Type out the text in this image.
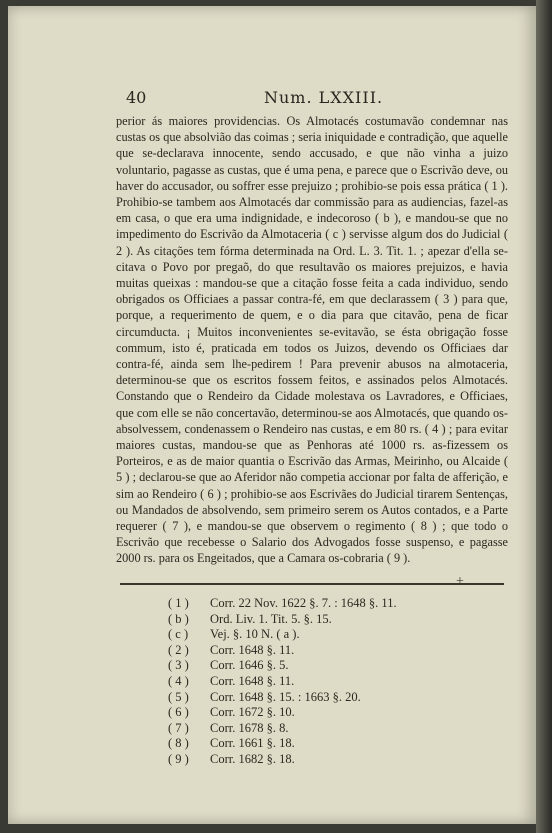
40	Num. LXXIII.

perior ás maiores providencias. Os Almotacés costumavão condemnar nas custas os que absolvião das coimas ; seria iniquidade e contradição, que aquelle que se-declarava innocente, sendo accusado, e que não vinha a juizo voluntario, pagasse as custas, que é uma pena, e parece que o Escrivão deve, ou haver do accusador, ou soffrer esse prejuizo ; prohibio-se pois essa prática ( 1 ). Prohibio-se tambem aos Almotacés dar commissão para as audiencias, fazel-as em casa, o que era uma indignidade, e indecoroso ( b ), e mandou-se que no impedimento do Escrivão da Almotaceria ( c ) servisse algum dos do Judicial ( 2 ). As citações tem fórma determinada na Ord. L. 3. Tit. 1. ; apezar d'ella se-citava o Povo por pregaõ, do que resultavão os maiores prejuizos, e havia muitas queixas : mandou-se que a citação fosse feita a cada individuo, sendo obrigados os Officiaes a passar contra-fé, em que declarassem ( 3 ) para que, porque, a requerimento de quem, e o dia para que citavão, pena de ficar circumducta. ¡ Muitos inconvenientes se-evitavão, se ésta obrigação fosse commum, isto é, praticada em todos os Juizos, devendo os Officiaes dar contra-fé, ainda sem lhe-pedirem ! Para prevenir abusos na almotaceria, determinou-se que os escritos fossem feitos, e assinados pelos Almotacés. Constando que o Rendeiro da Cidade molestava os Lavradores, e Officiaes, que com elle se não concertavão, determinou-se aos Almotacés, que quando os-absolvessem, condenassem o Rendeiro nas custas, e em 80 rs. ( 4 ) ; para evitar maiores custas, mandou-se que as Penhoras até 1000 rs. as-fizessem os Porteiros, e as de maior quantia o Escrivão das Armas, Meirinho, ou Alcaide ( 5 ) ; declarou-se que ao Aferidor não competia accionar por falta de afferição, e sim ao Rendeiro ( 6 ) ; prohibio-se aos Escrivães do Judicial tirarem Sentenças, ou Mandados de absolvendo, sem primeiro serem os Autos contados, e a Parte requerer ( 7 ), e mandou-se que observem o regimento ( 8 ) ; que todo o Escrivão que recebesse o Salario dos Advogados fosse suspenso, e pagasse 2000 rs. para os Engeitados, que a Camara os-cobraria ( 9 ).

+
( 1 ) Corr. 22 Nov. 1622 §. 7. : 1648 §. 11.
( b ) Ord. Liv. 1. Tit. 5. §. 15.
( c ) Vej. §. 10 N. ( a ).
( 2 ) Corr. 1648 §. 11.
( 3 ) Corr. 1646 §. 5.
( 4 ) Corr. 1648 §. 11.
( 5 ) Corr. 1648 §. 15. : 1663 §. 20.
( 6 ) Corr. 1672 §. 10.
( 7 ) Corr. 1678 §. 8.
( 8 ) Corr. 1661 §. 18.
( 9 ) Corr. 1682 §. 18.
